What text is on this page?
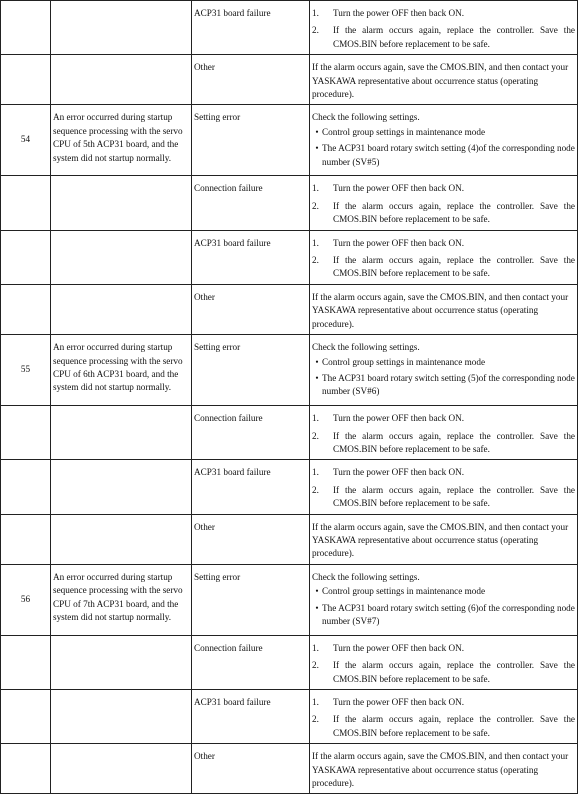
		ACP31 board failure	1. Turn the power OFF then back ON.
2. If the alarm occurs again, replace the controller. Save the CMOS.BIN before replacement to be safe.

		Other	If the alarm occurs again, save the CMOS.BIN, and then contact your YASKAWA representative about occurrence status (operating procedure).

54	An error occurred during startup sequence processing with the servo CPU of 5th ACP31 board, and the system did not startup normally.	Setting error	Check the following settings.
• Control group settings in maintenance mode
• The ACP31 board rotary switch setting (4)of the corresponding node number (SV#5)

		Connection failure	1. Turn the power OFF then back ON.
2. If the alarm occurs again, replace the controller. Save the CMOS.BIN before replacement to be safe.

		ACP31 board failure	1. Turn the power OFF then back ON.
2. If the alarm occurs again, replace the controller. Save the CMOS.BIN before replacement to be safe.

		Other	If the alarm occurs again, save the CMOS.BIN, and then contact your YASKAWA representative about occurrence status (operating procedure).

55	An error occurred during startup sequence processing with the servo CPU of 6th ACP31 board, and the system did not startup normally.	Setting error	Check the following settings.
• Control group settings in maintenance mode
• The ACP31 board rotary switch setting (5)of the corresponding node number (SV#6)

		Connection failure	1. Turn the power OFF then back ON.
2. If the alarm occurs again, replace the controller. Save the CMOS.BIN before replacement to be safe.

		ACP31 board failure	1. Turn the power OFF then back ON.
2. If the alarm occurs again, replace the controller. Save the CMOS.BIN before replacement to be safe.

		Other	If the alarm occurs again, save the CMOS.BIN, and then contact your YASKAWA representative about occurrence status (operating procedure).

56	An error occurred during startup sequence processing with the servo CPU of 7th ACP31 board, and the system did not startup normally.	Setting error	Check the following settings.
• Control group settings in maintenance mode
• The ACP31 board rotary switch setting (6)of the corresponding node number (SV#7)

		Connection failure	1. Turn the power OFF then back ON.
2. If the alarm occurs again, replace the controller. Save the CMOS.BIN before replacement to be safe.

		ACP31 board failure	1. Turn the power OFF then back ON.
2. If the alarm occurs again, replace the controller. Save the CMOS.BIN before replacement to be safe.

		Other	If the alarm occurs again, save the CMOS.BIN, and then contact your YASKAWA representative about occurrence status (operating procedure).
